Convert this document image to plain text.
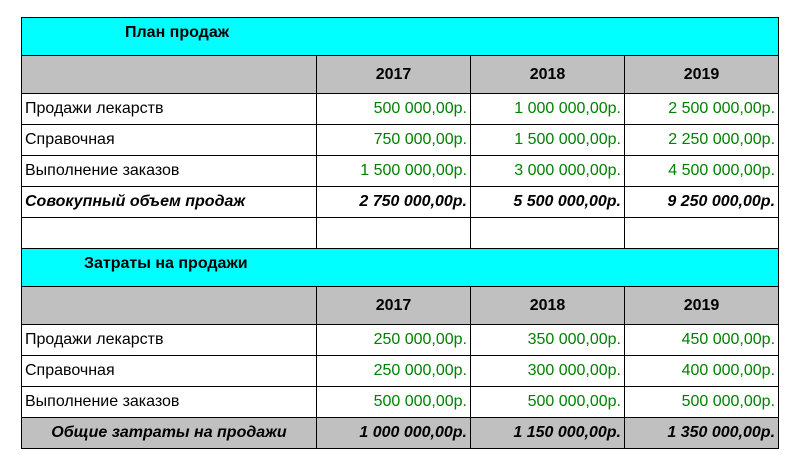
План продаж			
	2017	2018	2019
Продажи лекарств	500 000,00р.	1 000 000,00р.	2 500 000,00р.
Справочная	750 000,00р.	1 500 000,00р.	2 250 000,00р.
Выполнение заказов	1 500 000,00р.	3 000 000,00р.	4 500 000,00р.
Совокупный объем продаж	2 750 000,00р.	5 500 000,00р.	9 250 000,00р.

Затраты на продажи			
	2017	2018	2019
Продажи лекарств	250 000,00р.	350 000,00р.	450 000,00р.
Справочная	250 000,00р.	300 000,00р.	400 000,00р.
Выполнение заказов	500 000,00р.	500 000,00р.	500 000,00р.
Общие затраты на продажи	1 000 000,00р.	1 150 000,00р.	1 350 000,00р.
